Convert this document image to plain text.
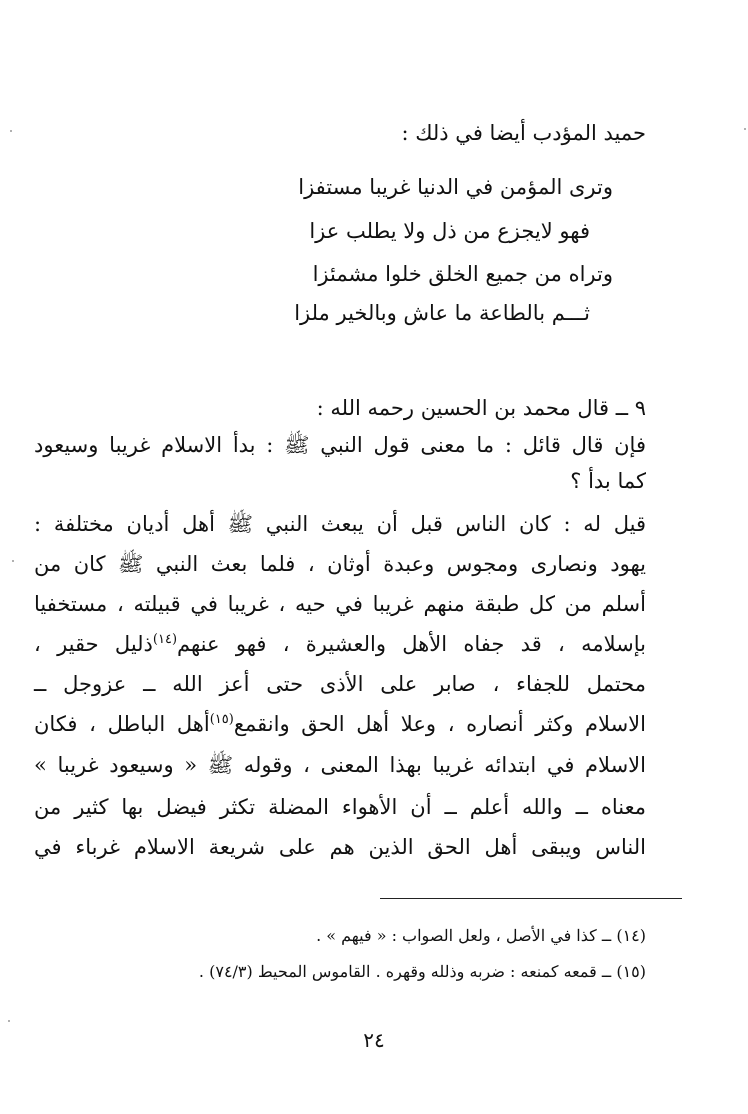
حميد المؤدب أيضا في ذلك :
وترى المؤمن في الدنيا غريبا مستفزا
فهو لايجزع من ذل ولا يطلب عزا
وتراه من جميع الخلق خلوا مشمئزا
ثـــم بالطاعة ما عاش وبالخير ملزا
٩ ــ قال محمد بن الحسين رحمه الله :
فإن قال قائل : ما معنى قول النبي ﷺ : بدأ الاسلام غريبا وسيعود
كما بدأ ؟
قيل له : كان الناس قبل أن يبعث النبي ﷺ أهل أديان مختلفة :
يهود ونصارى ومجوس وعبدة أوثان ، فلما بعث النبي ﷺ كان من
أسلم من كل طبقة منهم غريبا في حيه ، غريبا في قبيلته ، مستخفيا
بإسلامه ، قد جفاه الأهل والعشيرة ، فهو عنهم$^{(١٤)}$ذليل حقير ،
محتمل للجفاء ، صابر على الأذى حتى أعز الله ــ عزوجل ــ
الاسلام وكثر أنصاره ، وعلا أهل الحق وانقمع$^{(١٥)}$أهل الباطل ، فكان
الاسلام في ابتدائه غريبا بهذا المعنى ، وقوله ﷺ « وسيعود غريبا »
معناه ــ والله أعلم ــ أن الأهواء المضلة تكثر فيضل بها كثير من
الناس ويبقى أهل الحق الذين هم على شريعة الاسلام غرباء في
(١٤) ــ كذا في الأصل ، ولعل الصواب : « فيهم » .
(١٥) ــ قمعه كمنعه : ضربه وذلله وقهره . القاموس المحيط (٧٤/٣) .
٢٤
